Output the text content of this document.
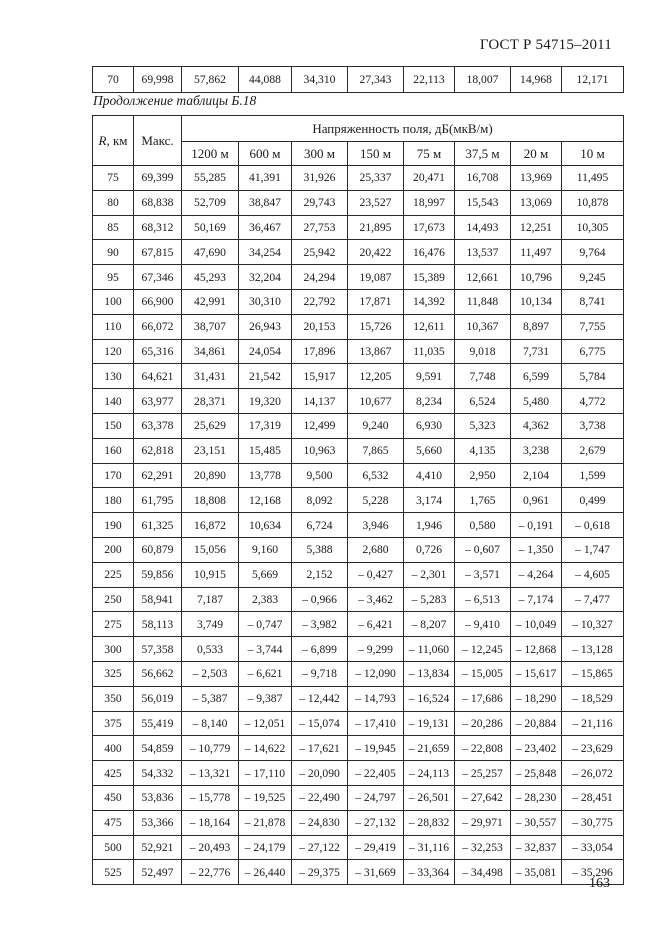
ГОСТ Р 54715–2011
70	69,998	57,862	44,088	34,310	27,343	22,113	18,007	14,968	12,171
Продолжение таблицы Б.18
R, км	Макс.	Напряженность поля, дБ(мкВ/м)							
		1200 м	600 м	300 м	150 м	75 м	37,5 м	20 м	10 м
75	69,399	55,285	41,391	31,926	25,337	20,471	16,708	13,969	11,495
80	68,838	52,709	38,847	29,743	23,527	18,997	15,543	13,069	10,878
85	68,312	50,169	36,467	27,753	21,895	17,673	14,493	12,251	10,305
90	67,815	47,690	34,254	25,942	20,422	16,476	13,537	11,497	9,764
95	67,346	45,293	32,204	24,294	19,087	15,389	12,661	10,796	9,245
100	66,900	42,991	30,310	22,792	17,871	14,392	11,848	10,134	8,741
110	66,072	38,707	26,943	20,153	15,726	12,611	10,367	8,897	7,755
120	65,316	34,861	24,054	17,896	13,867	11,035	9,018	7,731	6,775
130	64,621	31,431	21,542	15,917	12,205	9,591	7,748	6,599	5,784
140	63,977	28,371	19,320	14,137	10,677	8,234	6,524	5,480	4,772
150	63,378	25,629	17,319	12,499	9,240	6,930	5,323	4,362	3,738
160	62,818	23,151	15,485	10,963	7,865	5,660	4,135	3,238	2,679
170	62,291	20,890	13,778	9,500	6,532	4,410	2,950	2,104	1,599
180	61,795	18,808	12,168	8,092	5,228	3,174	1,765	0,961	0,499
190	61,325	16,872	10,634	6,724	3,946	1,946	0,580	– 0,191	– 0,618
200	60,879	15,056	9,160	5,388	2,680	0,726	– 0,607	– 1,350	– 1,747
225	59,856	10,915	5,669	2,152	– 0,427	– 2,301	– 3,571	– 4,264	– 4,605
250	58,941	7,187	2,383	– 0,966	– 3,462	– 5,283	– 6,513	– 7,174	– 7,477
275	58,113	3,749	– 0,747	– 3,982	– 6,421	– 8,207	– 9,410	– 10,049	– 10,327
300	57,358	0,533	– 3,744	– 6,899	– 9,299	– 11,060	– 12,245	– 12,868	– 13,128
325	56,662	– 2,503	– 6,621	– 9,718	– 12,090	– 13,834	– 15,005	– 15,617	– 15,865
350	56,019	– 5,387	– 9,387	– 12,442	– 14,793	– 16,524	– 17,686	– 18,290	– 18,529
375	55,419	– 8,140	– 12,051	– 15,074	– 17,410	– 19,131	– 20,286	– 20,884	– 21,116
400	54,859	– 10,779	– 14,622	– 17,621	– 19,945	– 21,659	– 22,808	– 23,402	– 23,629
425	54,332	– 13,321	– 17,110	– 20,090	– 22,405	– 24,113	– 25,257	– 25,848	– 26,072
450	53,836	– 15,778	– 19,525	– 22,490	– 24,797	– 26,501	– 27,642	– 28,230	– 28,451
475	53,366	– 18,164	– 21,878	– 24,830	– 27,132	– 28,832	– 29,971	– 30,557	– 30,775
500	52,921	– 20,493	– 24,179	– 27,122	– 29,419	– 31,116	– 32,253	– 32,837	– 33,054
525	52,497	– 22,776	– 26,440	– 29,375	– 31,669	– 33,364	– 34,498	– 35,081	– 35,296
163
